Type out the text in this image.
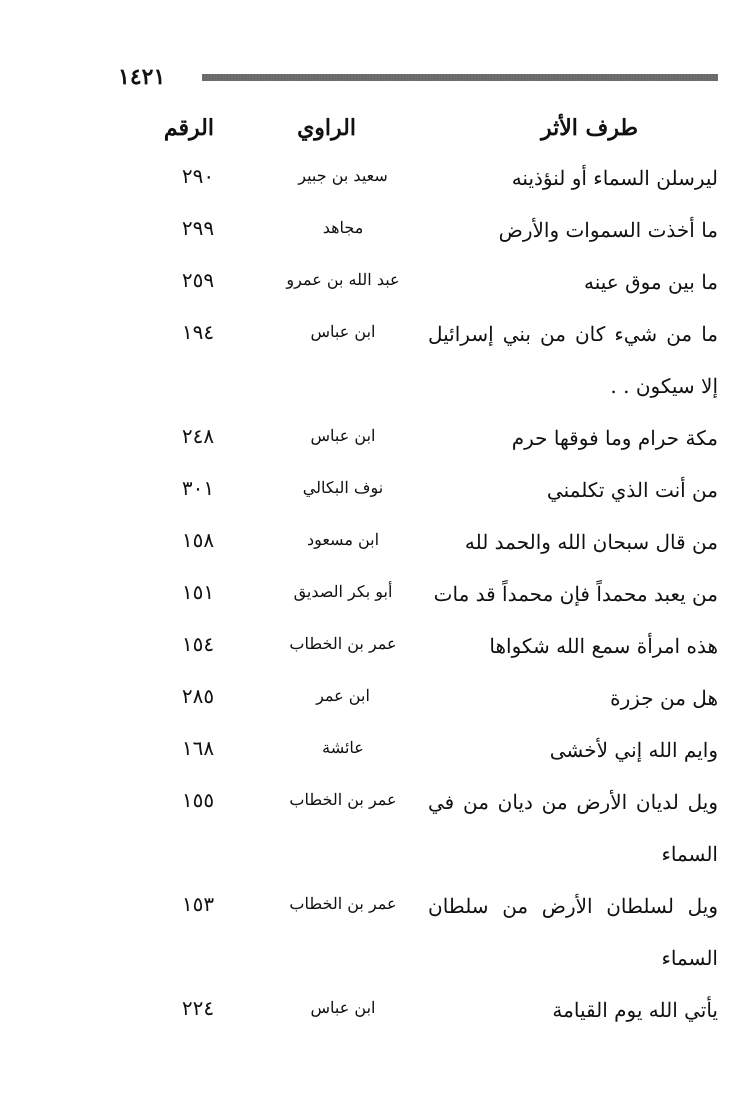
١٤٢١
طرف الأثر
الراوي
الرقم
ليرسلن السماء أو لنؤذينه
سعيد بن جبير
٢٩٠
ما أخذت السموات والأرض
مجاهد
٢٩٩
ما بين موق عينه
عبد الله بن عمرو
٢٥٩
ما من شيء كان من بني إسرائيل إلا سيكون . .
ابن عباس
١٩٤
مكة حرام وما فوقها حرم
ابن عباس
٢٤٨
من أنت الذي تكلمني
نوف البكالي
٣٠١
من قال سبحان الله والحمد لله
ابن مسعود
١٥٨
من يعبد محمداً فإن محمداً قد مات
أبو بكر الصديق
١٥١
هذه امرأة سمع الله شكواها
عمر بن الخطاب
١٥٤
هل من جزرة
ابن عمر
٢٨٥
وايم الله إني لأخشى
عائشة
١٦٨
ويل لديان الأرض من ديان من في السماء
عمر بن الخطاب
١٥٥
ويل لسلطان الأرض من سلطان السماء
عمر بن الخطاب
١٥٣
يأتي الله يوم القيامة
ابن عباس
٢٢٤
